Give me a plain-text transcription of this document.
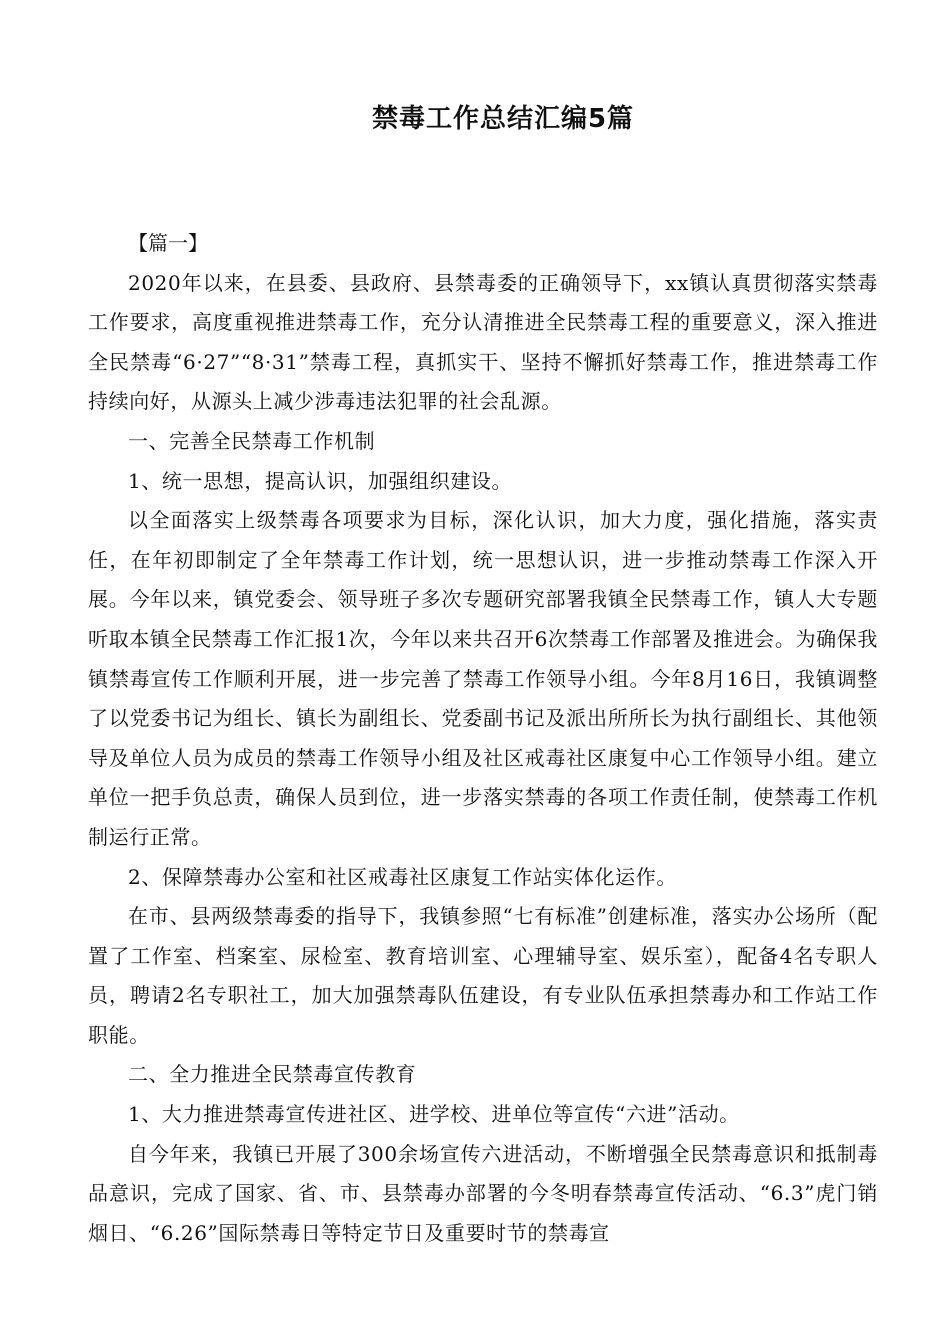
禁毒工作总结汇编5篇

【篇一】

2020年以来，在县委、县政府、县禁毒委的正确领导下，xx镇认真贯彻落实禁毒工作要求，高度重视推进禁毒工作，充分认清推进全民禁毒工程的重要意义，深入推进全民禁毒“6·27”“8·31”禁毒工程，真抓实干、坚持不懈抓好禁毒工作，推进禁毒工作持续向好，从源头上减少涉毒违法犯罪的社会乱源。

一、完善全民禁毒工作机制

1、统一思想，提高认识，加强组织建设。

以全面落实上级禁毒各项要求为目标，深化认识，加大力度，强化措施，落实责任，在年初即制定了全年禁毒工作计划，统一思想认识，进一步推动禁毒工作深入开展。今年以来，镇党委会、领导班子多次专题研究部署我镇全民禁毒工作，镇人大专题听取本镇全民禁毒工作汇报1次，今年以来共召开6次禁毒工作部署及推进会。为确保我镇禁毒宣传工作顺利开展，进一步完善了禁毒工作领导小组。今年8月16日，我镇调整了以党委书记为组长、镇长为副组长、党委副书记及派出所所长为执行副组长、其他领导及单位人员为成员的禁毒工作领导小组及社区戒毒社区康复中心工作领导小组。建立单位一把手负总责，确保人员到位，进一步落实禁毒的各项工作责任制，使禁毒工作机制运行正常。

2、保障禁毒办公室和社区戒毒社区康复工作站实体化运作。

在市、县两级禁毒委的指导下，我镇参照“七有标准”创建标准，落实办公场所（配置了工作室、档案室、尿检室、教育培训室、心理辅导室、娱乐室），配备4名专职人员，聘请2名专职社工，加大加强禁毒队伍建设，有专业队伍承担禁毒办和工作站工作职能。

二、全力推进全民禁毒宣传教育

1、大力推进禁毒宣传进社区、进学校、进单位等宣传“六进”活动。

自今年来，我镇已开展了300余场宣传六进活动，不断增强全民禁毒意识和抵制毒品意识，完成了国家、省、市、县禁毒办部署的今冬明春禁毒宣传活动、“6.3”虎门销烟日、“6.26”国际禁毒日等特定节日及重要时节的禁毒宣
